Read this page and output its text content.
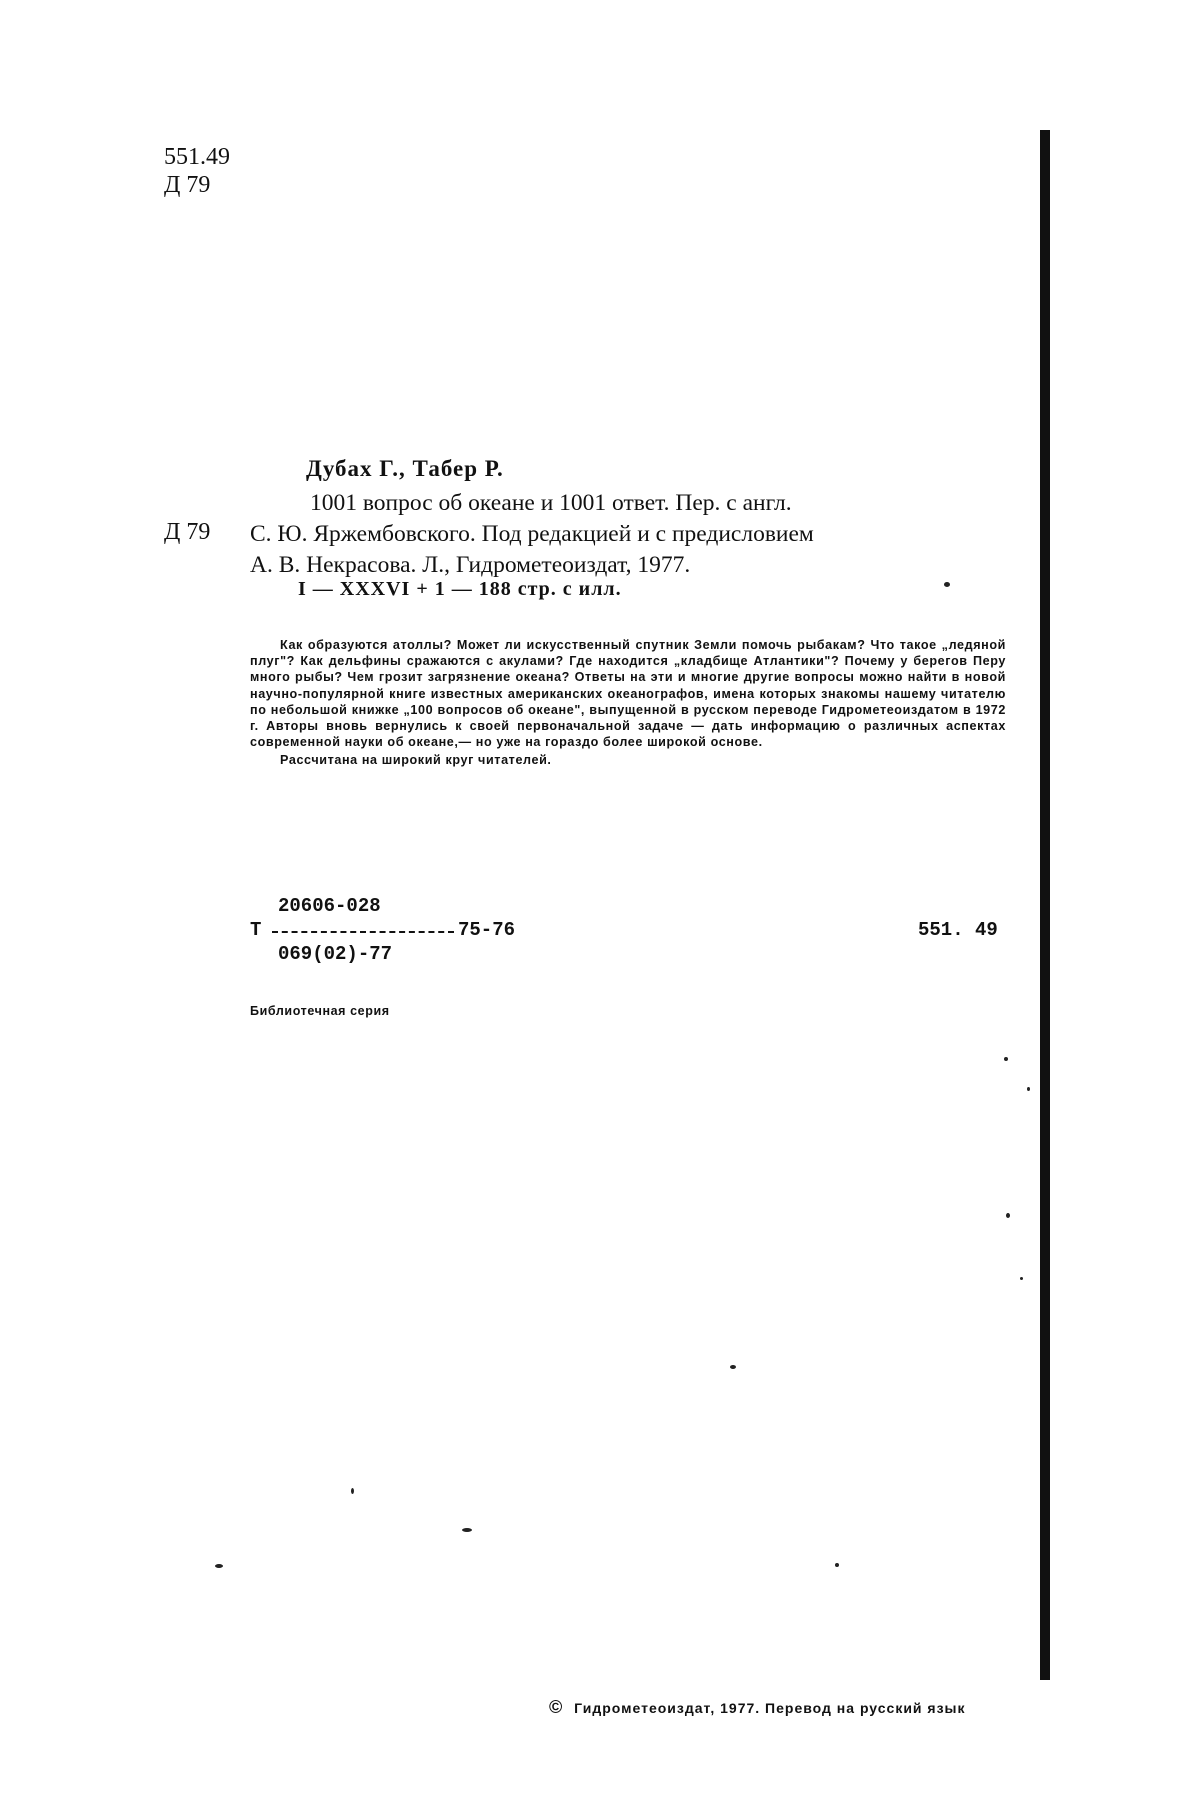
551.49
Д 79
Дубах Г., Табер Р.
Д 79
1001 вопрос об океане и 1001 ответ. Пер. с англ.
С. Ю. Яржембовского. Под редакцией и с предисловием
А. В. Некрасова. Л., Гидрометеоиздат, 1977.
I — XXXVI + 1 — 188 стр. с илл.

Как образуются атоллы? Может ли искусственный спутник Земли помочь рыбакам? Что такое „ледяной плуг"? Как дельфины сражаются с акулами? Где находится „кладбище Атлантики"? Почему у берегов Перу много рыбы? Чем грозит загрязнение океана? Ответы на эти и многие другие вопросы можно найти в новой научно-популярной книге известных американских океанографов, имена которых знакомы нашему читателю по небольшой книжке „100 вопросов об океане", выпущенной в русском переводе Гидрометеоиздатом в 1972 г. Авторы вновь вернулись к своей первоначальной задаче — дать информацию о различных аспектах современной науки об океане,— но уже на гораздо более широкой основе.

Рассчитана на широкий круг читателей.

20606-028
Т	75-76
069(02)-77
551. 49
Библиотечная серия
© Гидрометеоиздат, 1977. Перевод на русский язык
